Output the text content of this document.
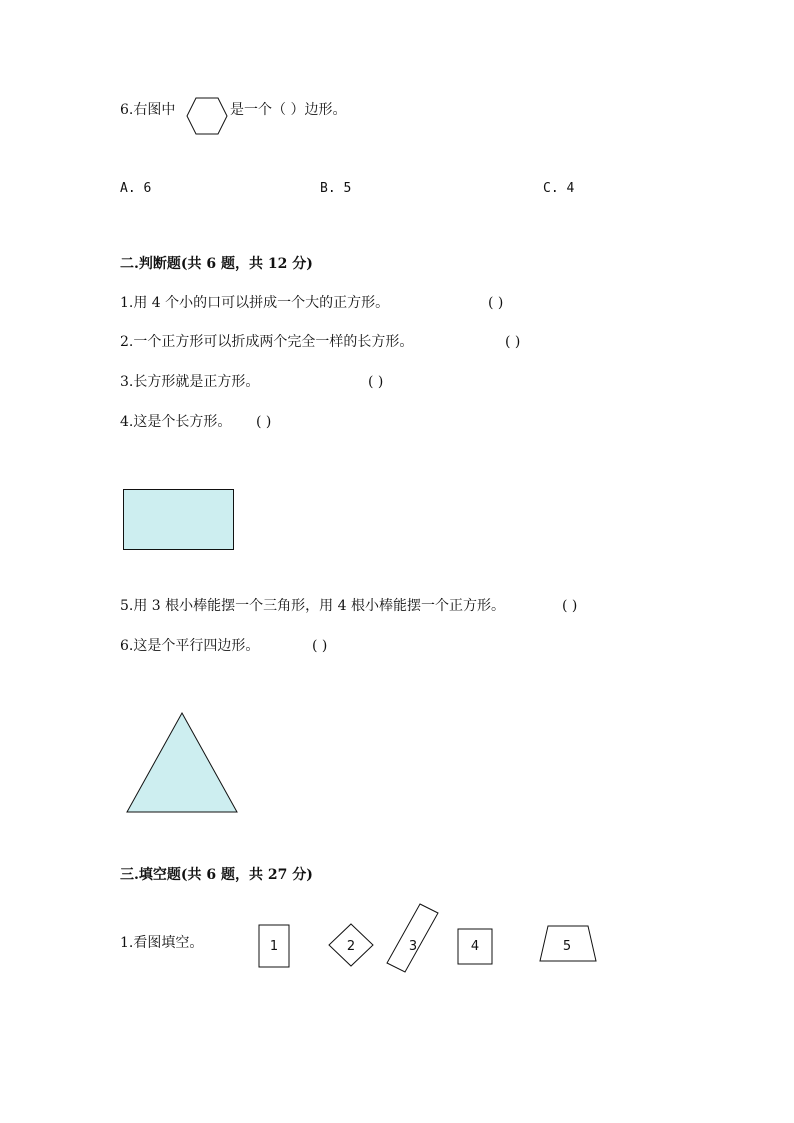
6.右图中	是一个（ ）边形。
A. 6	B. 5	C. 4
二.判断题(共 6 题，共 12 分)
1.用 4 个小的口可以拼成一个大的正方形。	( )
2.一个正方形可以折成两个完全一样的长方形。	( )
3.长方形就是正方形。	( )
4.这是个长方形。 ( )
5.用 3 根小棒能摆一个三角形，用 4 根小棒能摆一个正方形。	( )
6.这是个平行四边形。	( )
三.填空题(共 6 题，共 27 分)
1.看图填空。	1	2	3	4	5
